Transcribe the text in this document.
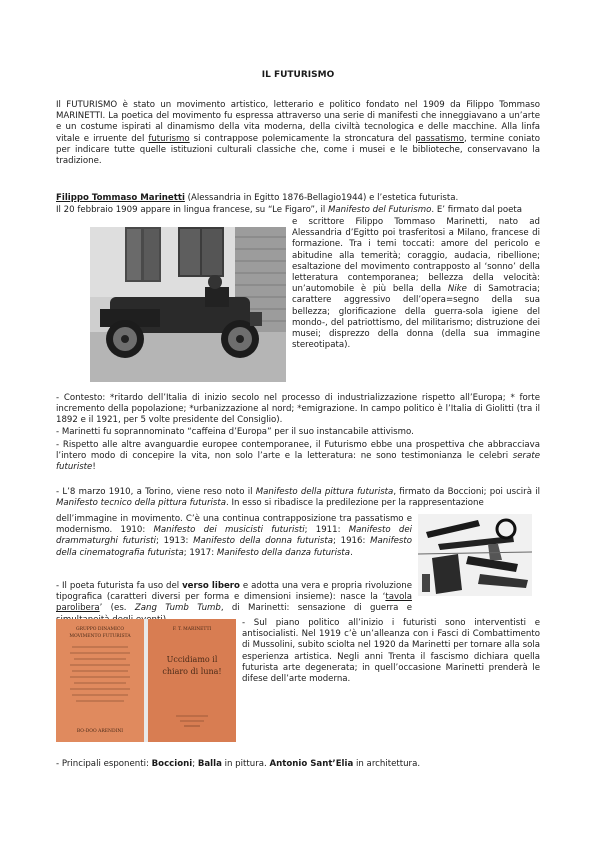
IL FUTURISMO
Il FUTURISMO è stato un movimento artistico, letterario e politico fondato nel 1909 da Filippo Tommaso MARINETTI. La poetica del movimento fu espressa attraverso una serie di manifesti che inneggiavano a un’arte e un costume ispirati al dinamismo della vita moderna, della civiltà tecnologica e delle macchine. Alla linfa vitale e irruente del futurismo si contrappose polemicamente la stroncatura del passatismo, termine coniato per indicare tutte quelle istituzioni culturali classiche che, come i musei e le biblioteche, conservavano la tradizione.
Filippo Tommaso Marinetti (Alessandria in Egitto 1876-Bellagio1944) e l’estetica futurista.
Il 20 febbraio 1909 appare in lingua francese, su “Le Figaro”, il Manifesto del Futurismo. E’ firmato dal poeta
e scrittore Filippo Tommaso Marinetti, nato ad Alessandria d’Egitto poi trasferitosi a Milano, francese di formazione. Tra i temi toccati: amore del pericolo e abitudine alla temerità; coraggio, audacia, ribellione; esaltazione del movimento contrapposto al ‘sonno’ della letteratura contemporanea; bellezza della velocità: un’automobile è più bella della Nike di Samotracia; carattere aggressivo dell’opera=segno della sua bellezza; glorificazione della guerra-sola igiene del mondo-, del patriottismo, del militarismo; distruzione dei musei; disprezzo della donna (della sua immagine stereotipata).
- Contesto: *ritardo dell’Italia di inizio secolo nel processo di industrializzazione rispetto all’Europa; * forte incremento della popolazione; *urbanizzazione al nord; *emigrazione. In campo politico è l’Italia di Giolitti (tra il 1892 e il 1921, per 5 volte presidente del Consiglio).
- Marinetti fu soprannominato “caffeina d’Europa” per il suo instancabile attivismo.
- Rispetto alle altre avanguardie europee contemporanee, il Futurismo ebbe una prospettiva che abbracciava l’intero modo di concepire la vita, non solo l’arte e la letteratura: ne sono testimonianza le celebri serate futuriste!
- L’8 marzo 1910, a Torino, viene reso noto il Manifesto della pittura futurista, firmato da Boccioni; poi uscirà il Manifesto tecnico della pittura futurista. In esso si ribadisce la predilezione per la rappresentazione
dell’immagine in movimento. C’è una continua contrapposizione tra passatismo e modernismo. 1910: Manifesto dei musicisti futuristi; 1911: Manifesto dei drammaturghi futuristi; 1913: Manifesto della donna futurista; 1916: Manifesto della cinematografia futurista; 1917: Manifesto della danza futurista.
- Il poeta futurista fa uso del verso libero e adotta una vera e propria rivoluzione tipografica (caratteri diversi per forma e dimensioni insieme): nasce la ‘tavola parolibera’ (es. Zang Tumb Tumb, di Marinetti: sensazione di guerra e
GRUPPO DINAMICO
MOVIMENTO FUTURISTA
BO-DOO ARENDINI
F. T. MARINETTI
Uccidiamo il chiaro di luna!
- Sul piano politico all’inizio i futuristi sono interventisti e antisocialisti. Nel 1919 c’è un’alleanza con i Fasci di Combattimento di Mussolini, subito sciolta nel 1920 da Marinetti per tornare alla sola esperienza artistica. Negli anni Trenta il fascismo dichiara quella futurista arte degenerata; in quell’occasione Marinetti prenderà le difese dell’arte moderna.
- Principali esponenti: Boccioni; Balla in pittura. Antonio Sant’Elia in architettura.
